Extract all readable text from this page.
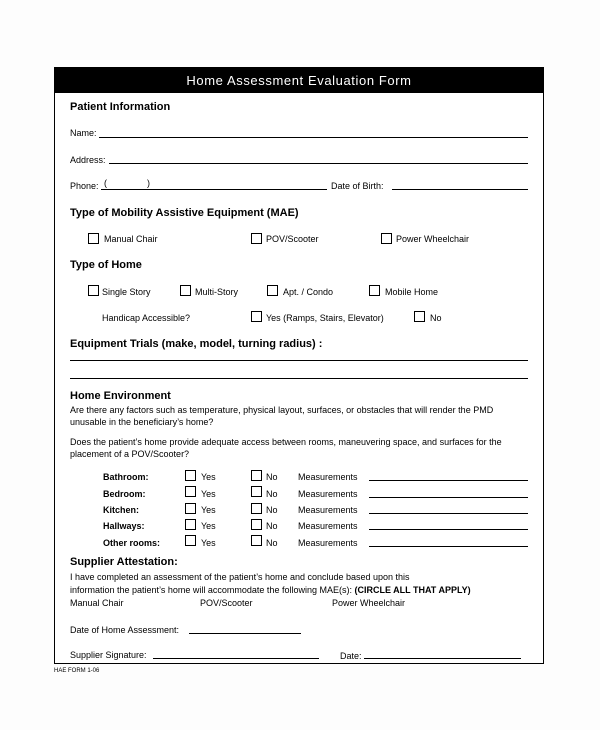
Home Assessment Evaluation Form
Patient Information
Name:
Address:
Phone: (	)	Date of Birth:
Type of Mobility Assistive Equipment (MAE)
Manual Chair	POV/Scooter	Power Wheelchair
Type of Home
Single Story	Multi-Story	Apt. / Condo	Mobile Home
Handicap Accessible?	Yes (Ramps, Stairs, Elevator)	No
Equipment Trials (make, model, turning radius) :
Home Environment
Are there any factors such as temperature, physical layout, surfaces, or obstacles that will render the PMD
unusable in the beneficiary’s home?
Does the patient’s home provide adequate access between rooms, maneuvering space, and surfaces for the
placement of a POV/Scooter?
Bathroom:	Yes	No Measurements
Bedroom:	Yes	No Measurements
Kitchen:	Yes	No Measurements
Hallways:	Yes	No Measurements
Other rooms:	Yes	No Measurements
Supplier Attestation:
I have completed an assessment of the patient’s home and conclude based upon this
information the patient’s home will accommodate the following MAE(s): (CIRCLE ALL THAT APPLY)
Manual Chair	POV/Scooter	Power Wheelchair
Date of Home Assessment:
Supplier Signature:	Date:
HAE FORM 1-06
